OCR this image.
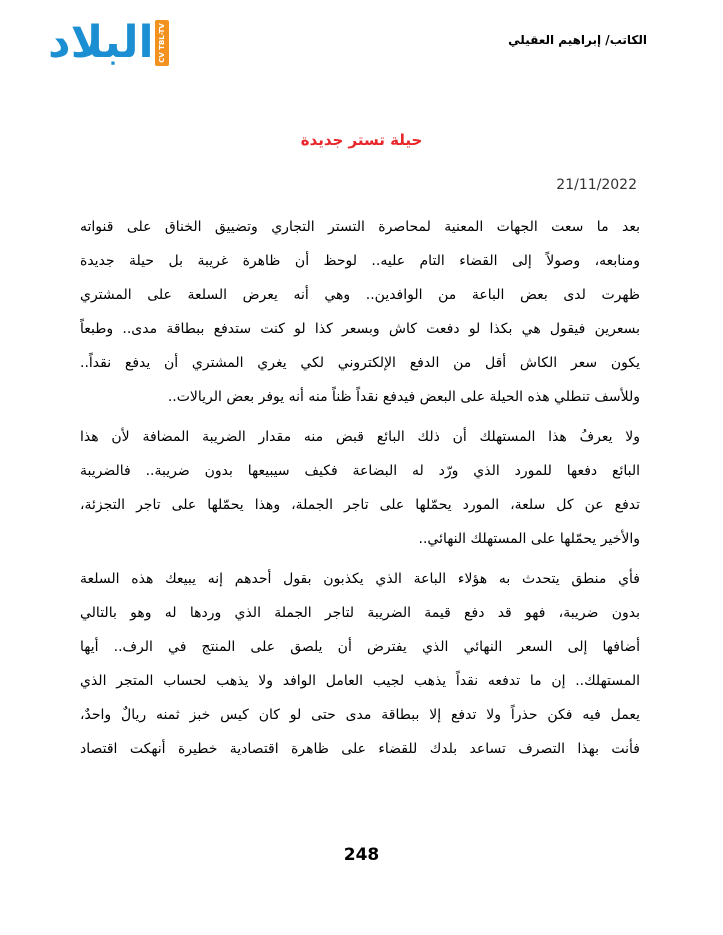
البلاد CV TBL-TV	الكاتب/ إبراهيم العقيلي
حيلة تستر جديدة
21/11/2022

بعد ما سعت الجهات المعنية لمحاصرة التستر التجاري وتضييق الخناق على قنواته
ومنابعه، وصولاً إلى القضاء التام عليه.. لوحظ أن ظاهرة غريبة بل حيلة جديدة
ظهرت لدى بعض الباعة من الوافدين.. وهي أنه يعرض السلعة على المشتري
بسعرين فيقول هي بكذا لو دفعت كاش وبسعر كذا لو كنت ستدفع ببطاقة مدى.. وطبعاً
يكون سعر الكاش أقل من الدفع الإلكتروني لكي يغري المشتري أن يدفع نقداً..
وللأسف تنطلي هذه الحيلة على البعض فيدفع نقداً ظناً منه أنه يوفر بعض الريالات..

ولا يعرفُ هذا المستهلك أن ذلك البائع قبض منه مقدار الضريبة المضافة لأن هذا
البائع دفعها للمورد الذي ورّد له البضاعة فكيف سيبيعها بدون ضريبة.. فالضريبة
تدفع عن كل سلعة، المورد يحمّلها على تاجر الجملة، وهذا يحمّلها على تاجر التجزئة،
والأخير يحمّلها على المستهلك النهائي..

فأي منطق يتحدث به هؤلاء الباعة الذي يكذبون بقول أحدهم إنه يبيعك هذه السلعة
بدون ضريبة، فهو قد دفع قيمة الضريبة لتاجر الجملة الذي وردها له وهو بالتالي
أضافها إلى السعر النهائي الذي يفترض أن يلصق على المنتج في الرف.. أيها
المستهلك.. إن ما تدفعه نقداً يذهب لجيب العامل الوافد ولا يذهب لحساب المتجر الذي
يعمل فيه فكن حذراً ولا تدفع إلا ببطاقة مدى حتى لو كان كيس خبز ثمنه ريالٌ واحدٌ،
فأنت بهذا التصرف تساعد بلدك للقضاء على ظاهرة اقتصادية خطيرة أنهكت اقتصاد

248
